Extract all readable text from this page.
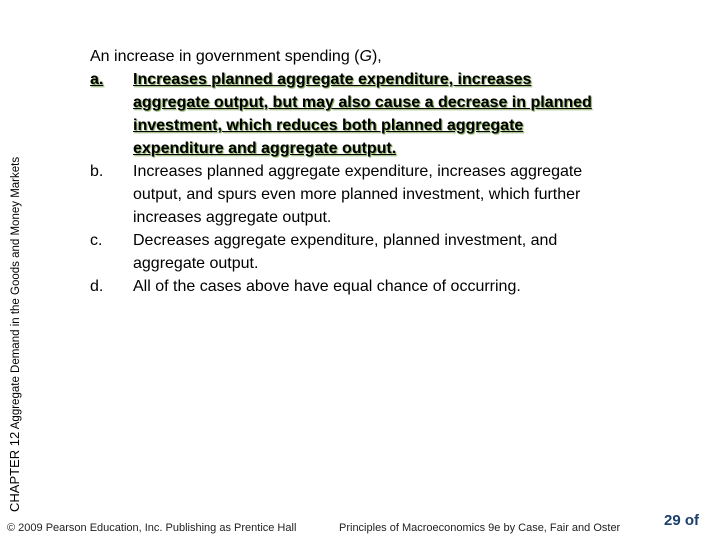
CHAPTER 12 Aggregate Demand in the Goods and Money Markets
An increase in government spending (G),
a.	Increases planned aggregate expenditure, increases aggregate output, but may also cause a decrease in planned investment, which reduces both planned aggregate expenditure and aggregate output.
b.	Increases planned aggregate expenditure, increases aggregate output, and spurs even more planned investment, which further increases aggregate output.
c.	Decreases aggregate expenditure, planned investment, and aggregate output.
d.	All of the cases above have equal chance of occurring.
© 2009 Pearson Education, Inc. Publishing as Prentice Hall	Principles of Macroeconomics 9e by Case, Fair and Oster	29 of
